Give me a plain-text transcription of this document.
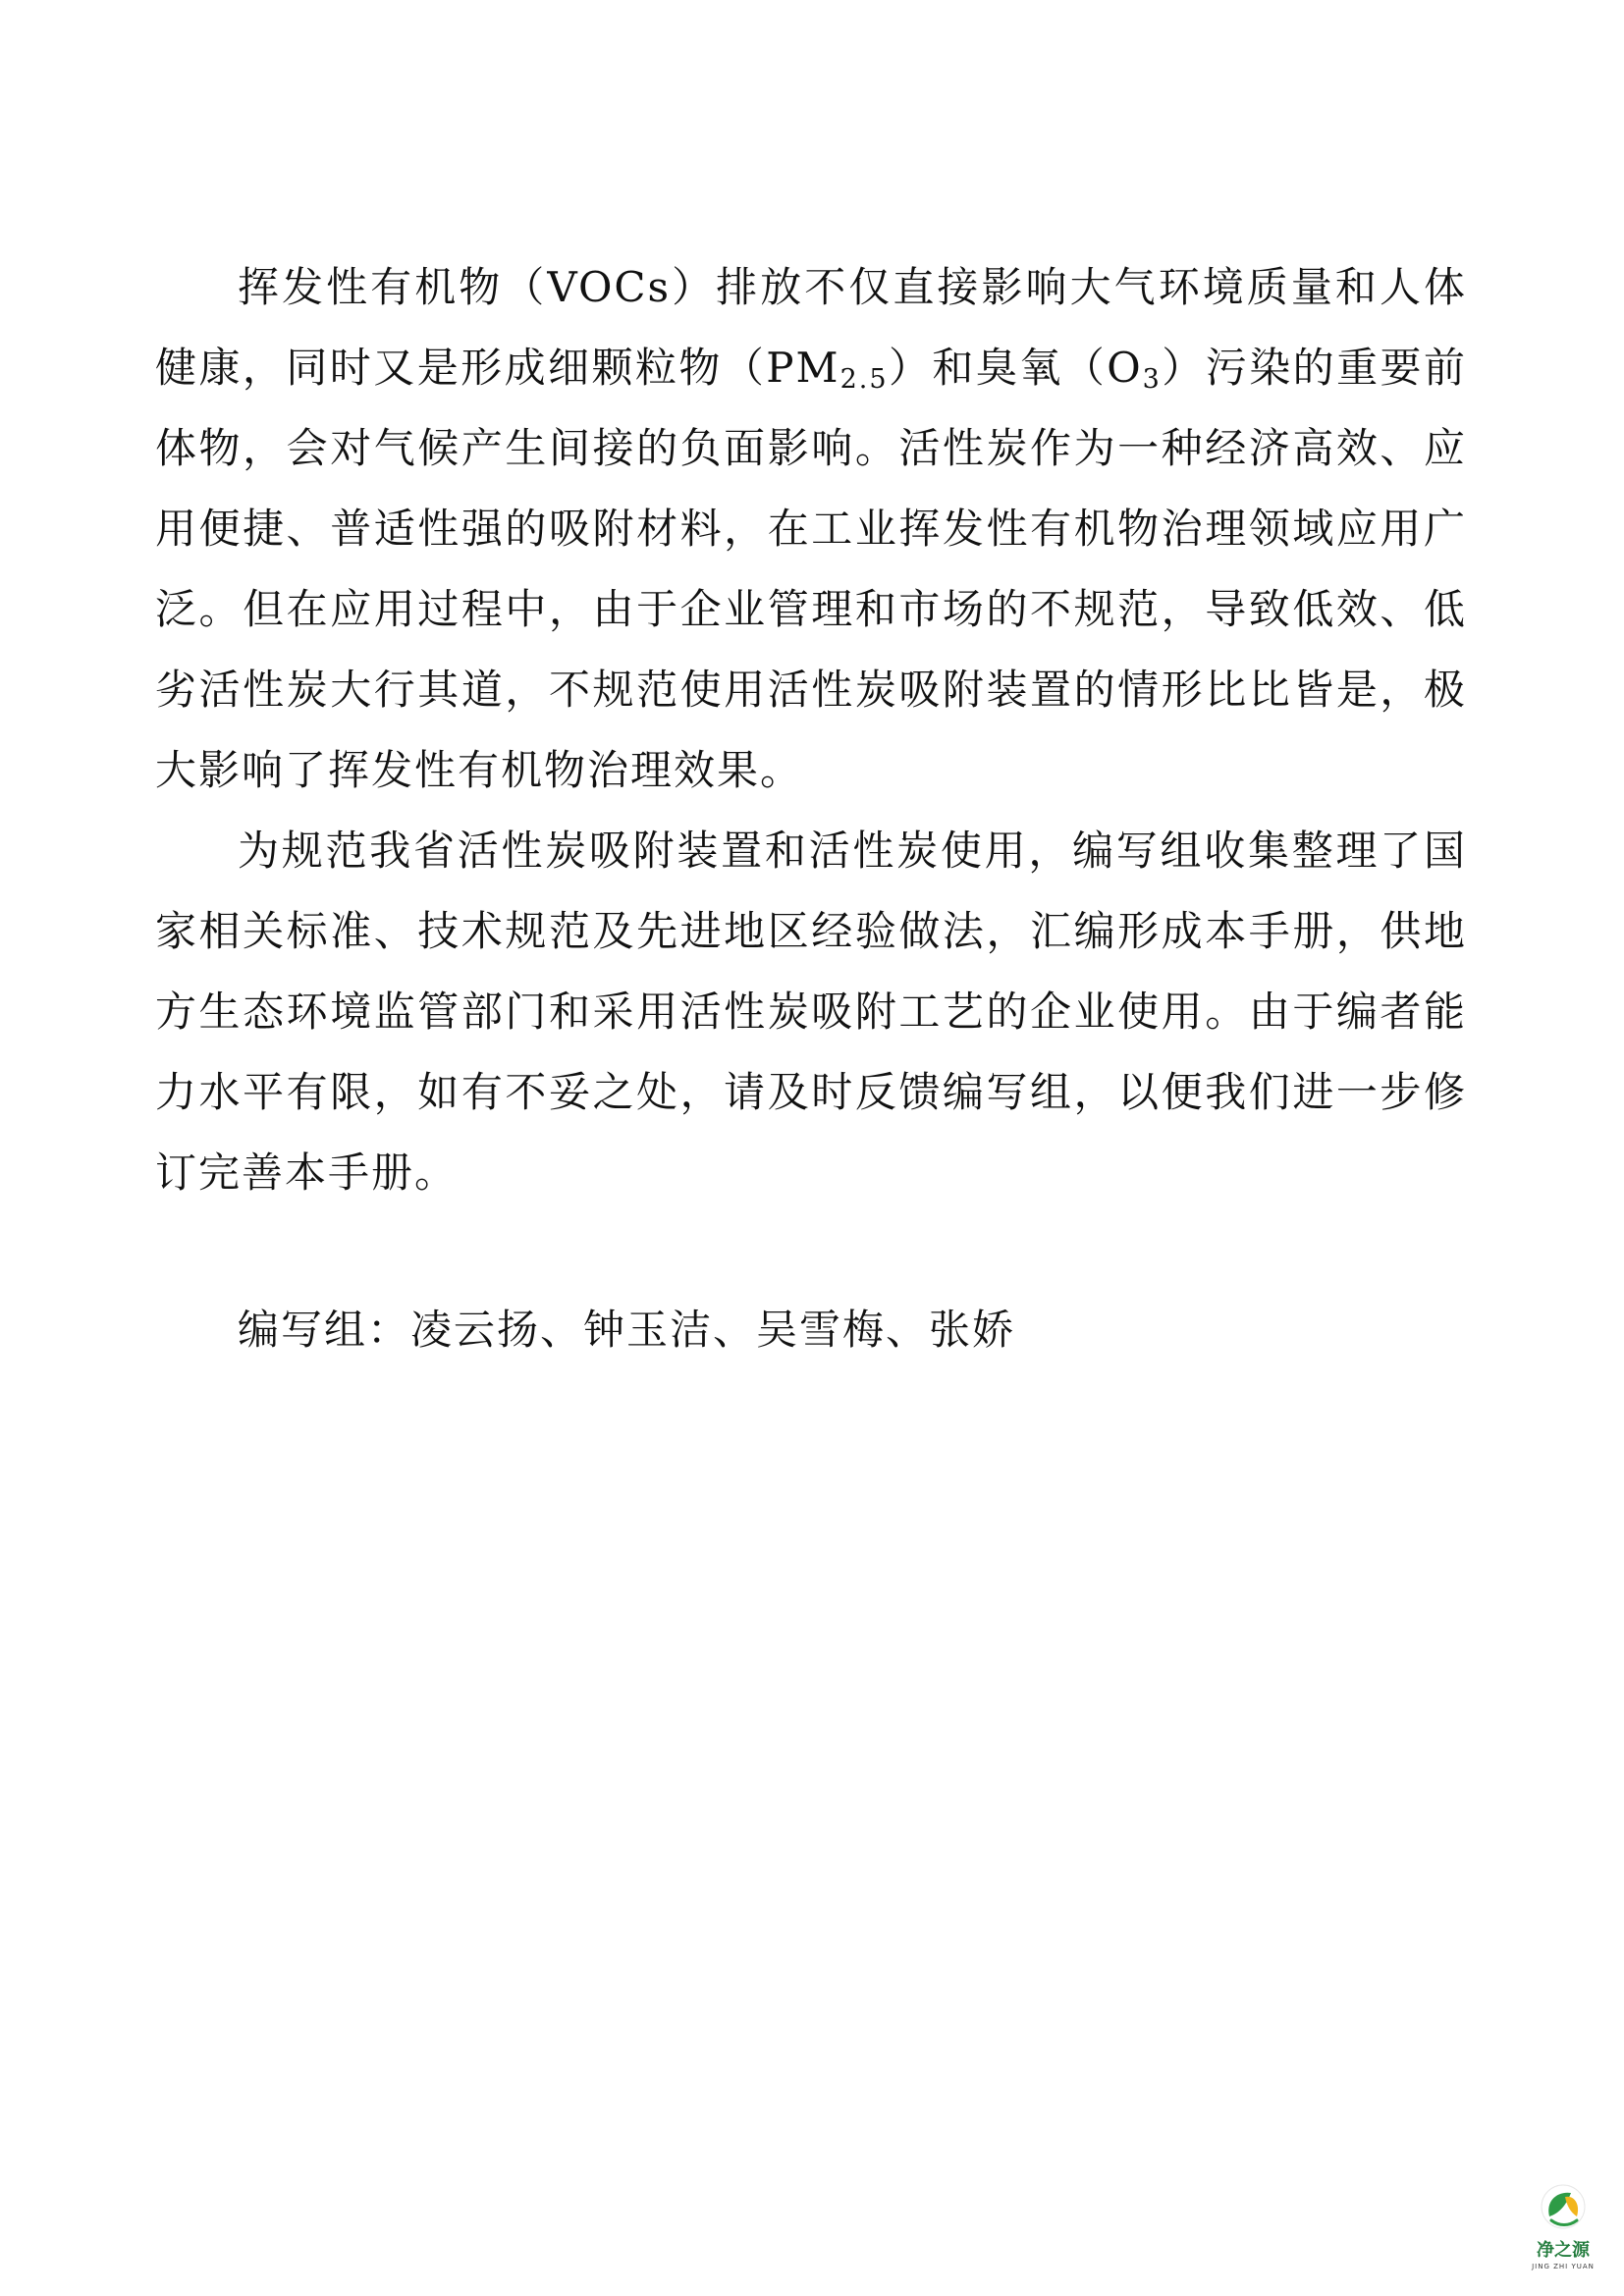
挥发性有机物（VOCs）排放不仅直接影响大气环境质量和人体健康，同时又是形成细颗粒物$(PM_{2.5})$和臭氧$(O_3)$污染的重要前体物，会对气候产生间接的负面影响。活性炭作为一种经济高效、应用便捷、普适性强的吸附材料，在工业挥发性有机物治理领域应用广泛。但在应用过程中，由于企业管理和市场的不规范，导致低效、低劣活性炭大行其道，不规范使用活性炭吸附装置的情形比比皆是，极大影响了挥发性有机物治理效果。

为规范我省活性炭吸附装置和活性炭使用，编写组收集整理了国家相关标准、技术规范及先进地区经验做法，汇编形成本手册，供地方生态环境监管部门和采用活性炭吸附工艺的企业使用。由于编者能力水平有限，如有不妥之处，请及时反馈编写组，以便我们进一步修订完善本手册。

编写组：凌云扬、钟玉洁、吴雪梅、张娇

净之源
JING ZHI YUAN
